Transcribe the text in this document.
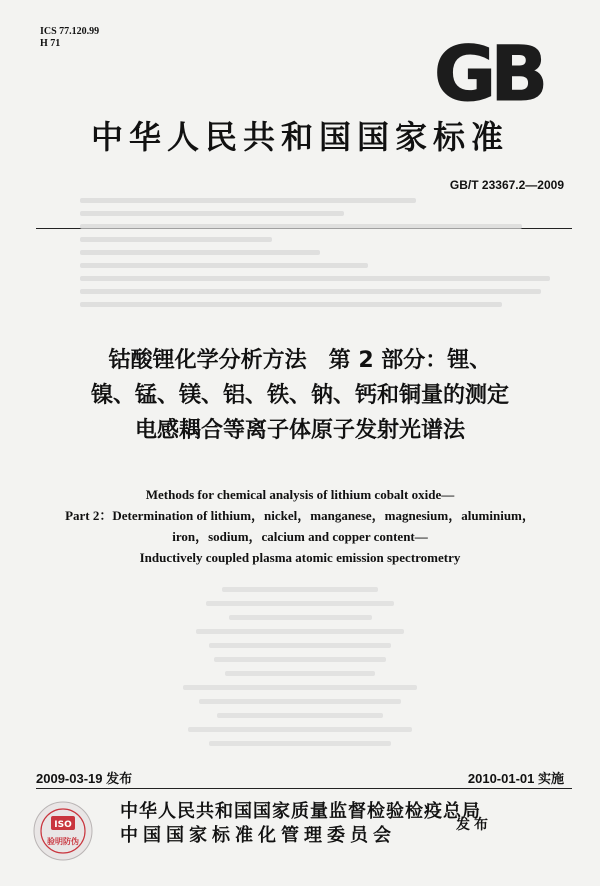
ICS 77.120.99
H 71	GB
中华人民共和国国家标准
GB/T 23367.2—2009
钴酸锂化学分析方法　第 2 部分：锂、
镍、锰、镁、铝、铁、钠、钙和铜量的测定
电感耦合等离子体原子发射光谱法
Methods for chemical analysis of lithium cobalt oxide—
Part 2：Determination of lithium，nickel，manganese，magnesium，aluminium，
iron，sodium，calcium and copper content—
Inductively coupled plasma atomic emission spectrometry
2009-03-19 发布	2010-01-01 实施
ISO
验明防伪
中华人民共和国国家质量监督检验检疫总局
中国国家标准化管理委员会	发布
